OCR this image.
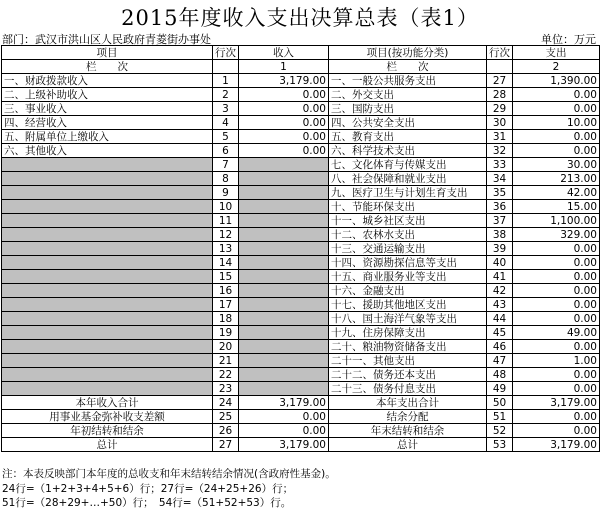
2015年度收入支出决算总表（表1）
部门：武汉市洪山区人民政府青菱街办事处	单位：万元
项目	行次	收入	项目(按功能分类)	行次	支出
栏　　次		1	栏　　次		2
一、财政拨款收入	1	3,179.00	一、一般公共服务支出	27	1,390.00
二、上级补助收入	2	0.00	二、外交支出	28	0.00
三、事业收入	3	0.00	三、国防支出	29	0.00
四、经营收入	4	0.00	四、公共安全支出	30	10.00
五、附属单位上缴收入	5	0.00	五、教育支出	31	0.00
六、其他收入	6	0.00	六、科学技术支出	32	0.00
	7		七、文化体育与传媒支出	33	30.00
	8		八、社会保障和就业支出	34	213.00
	9		九、医疗卫生与计划生育支出	35	42.00
	10		十、节能环保支出	36	15.00
	11		十一、城乡社区支出	37	1,100.00
	12		十二、农林水支出	38	329.00
	13		十三、交通运输支出	39	0.00
	14		十四、资源勘探信息等支出	40	0.00
	15		十五、商业服务业等支出	41	0.00
	16		十六、金融支出	42	0.00
	17		十七、援助其他地区支出	43	0.00
	18		十八、国土海洋气象等支出	44	0.00
	19		十九、住房保障支出	45	49.00
	20		二十、粮油物资储备支出	46	0.00
	21		二十一、其他支出	47	1.00
	22		二十二、债务还本支出	48	0.00
	23		二十三、债务付息支出	49	0.00
本年收入合计	24	3,179.00	本年支出合计	50	3,179.00
用事业基金弥补收支差额	25	0.00	结余分配	51	0.00
年初结转和结余	26	0.00	年末结转和结余	52	0.00
总计	27	3,179.00	总计	53	3,179.00
注：本表反映部门本年度的总收支和年末结转结余情况(含政府性基金)。
24行=（1+2+3+4+5+6）行；27行=（24+25+26）行；
51行=（28+29+…+50）行；　54行=（51+52+53）行。
